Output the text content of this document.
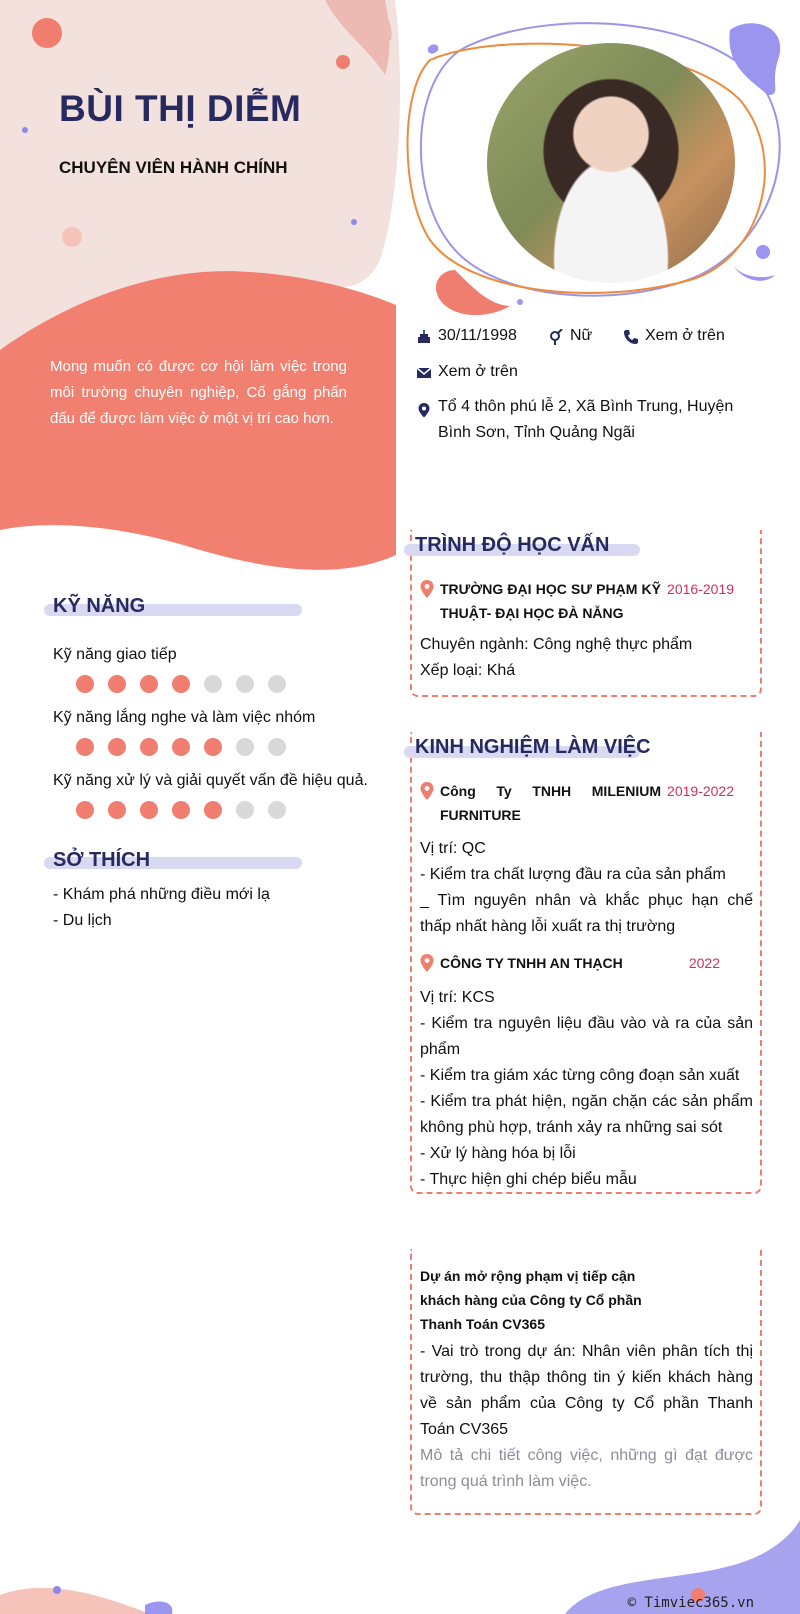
BÙI THỊ DIỄM
CHUYÊN VIÊN HÀNH CHÍNH
Mong muốn có được cơ hội làm việc trong môi trường chuyên nghiệp, Cố gắng phấn đấu để được làm việc ở một vị trí cao hơn.
30/11/1998	Nữ	Xem ở trên
Xem ở trên
Tổ 4 thôn phú lễ 2, Xã Bình Trung, Huyện Bình Sơn, Tỉnh Quảng Ngãi
KỸ NĂNG
Kỹ năng giao tiếp
Kỹ năng lắng nghe và làm việc nhóm
Kỹ năng xử lý và giải quyết vấn đề hiệu quả.
SỞ THÍCH
- Khám phá những điều mới lạ
- Du lịch
TRÌNH ĐỘ HỌC VẤN
TRƯỜNG ĐẠI HỌC SƯ PHẠM KỸ THUẬT- ĐẠI HỌC ĐÀ NẴNG
2016-2019
Chuyên ngành: Công nghệ thực phẩm
Xếp loại: Khá
KINH NGHIỆM LÀM VIỆC
Công Ty TNHH MILENIUM FURNITURE
2019-2022
Vị trí: QC
- Kiểm tra chất lượng đầu ra của sản phẩm
_ Tìm nguyên nhân và khắc phục hạn chế thấp nhất hàng lỗi xuất ra thị trường
CÔNG TY TNHH AN THẠCH	2022
Vị trí: KCS
- Kiểm tra nguyên liệu đầu vào và ra của sản phẩm
- Kiểm tra giám xác từng công đoạn sản xuất
- Kiểm tra phát hiện, ngăn chặn các sản phẩm không phù hợp, tránh xảy ra những sai sót
- Xử lý hàng hóa bị lỗi
- Thực hiện ghi chép biểu mẫu
Dự án mở rộng phạm vị tiếp cận khách hàng của Công ty Cổ phần Thanh Toán CV365
- Vai trò trong dự án: Nhân viên phân tích thị trường, thu thập thông tin ý kiến khách hàng về sản phẩm của Công ty Cổ phần Thanh Toán CV365
Mô tả chi tiết công việc, những gì đạt được trong quá trình làm việc.
© Timviec365.vn
